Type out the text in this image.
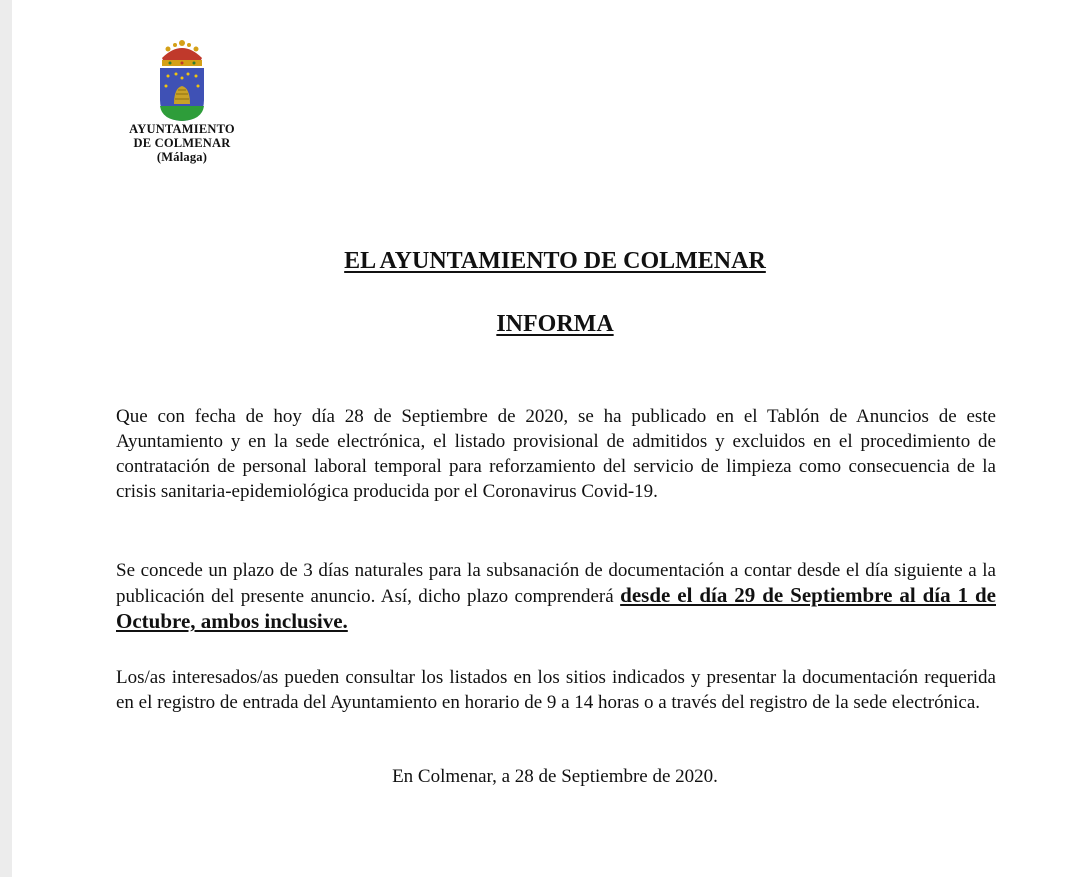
AYUNTAMIENTO
DE COLMENAR
(Málaga)
EL AYUNTAMIENTO DE COLMENAR
INFORMA

Que con fecha de hoy día 28 de Septiembre de 2020, se ha publicado en el Tablón de Anuncios de este Ayuntamiento y en la sede electrónica, el listado provisional de admitidos y excluidos en el procedimiento de contratación de personal laboral temporal para reforzamiento del servicio de limpieza como consecuencia de la crisis sanitaria-epidemiológica producida por el Coronavirus Covid-19.

Se concede un plazo de 3 días naturales para la subsanación de documentación a contar desde el día siguiente a la publicación del presente anuncio. Así, dicho plazo comprenderá desde el día 29 de Septiembre al día 1 de Octubre, ambos inclusive.

Los/as interesados/as pueden consultar los listados en los sitios indicados y presentar la documentación requerida en el registro de entrada del Ayuntamiento en horario de 9 a 14 horas o a través del registro de la sede electrónica.

En Colmenar, a 28 de Septiembre de 2020.
